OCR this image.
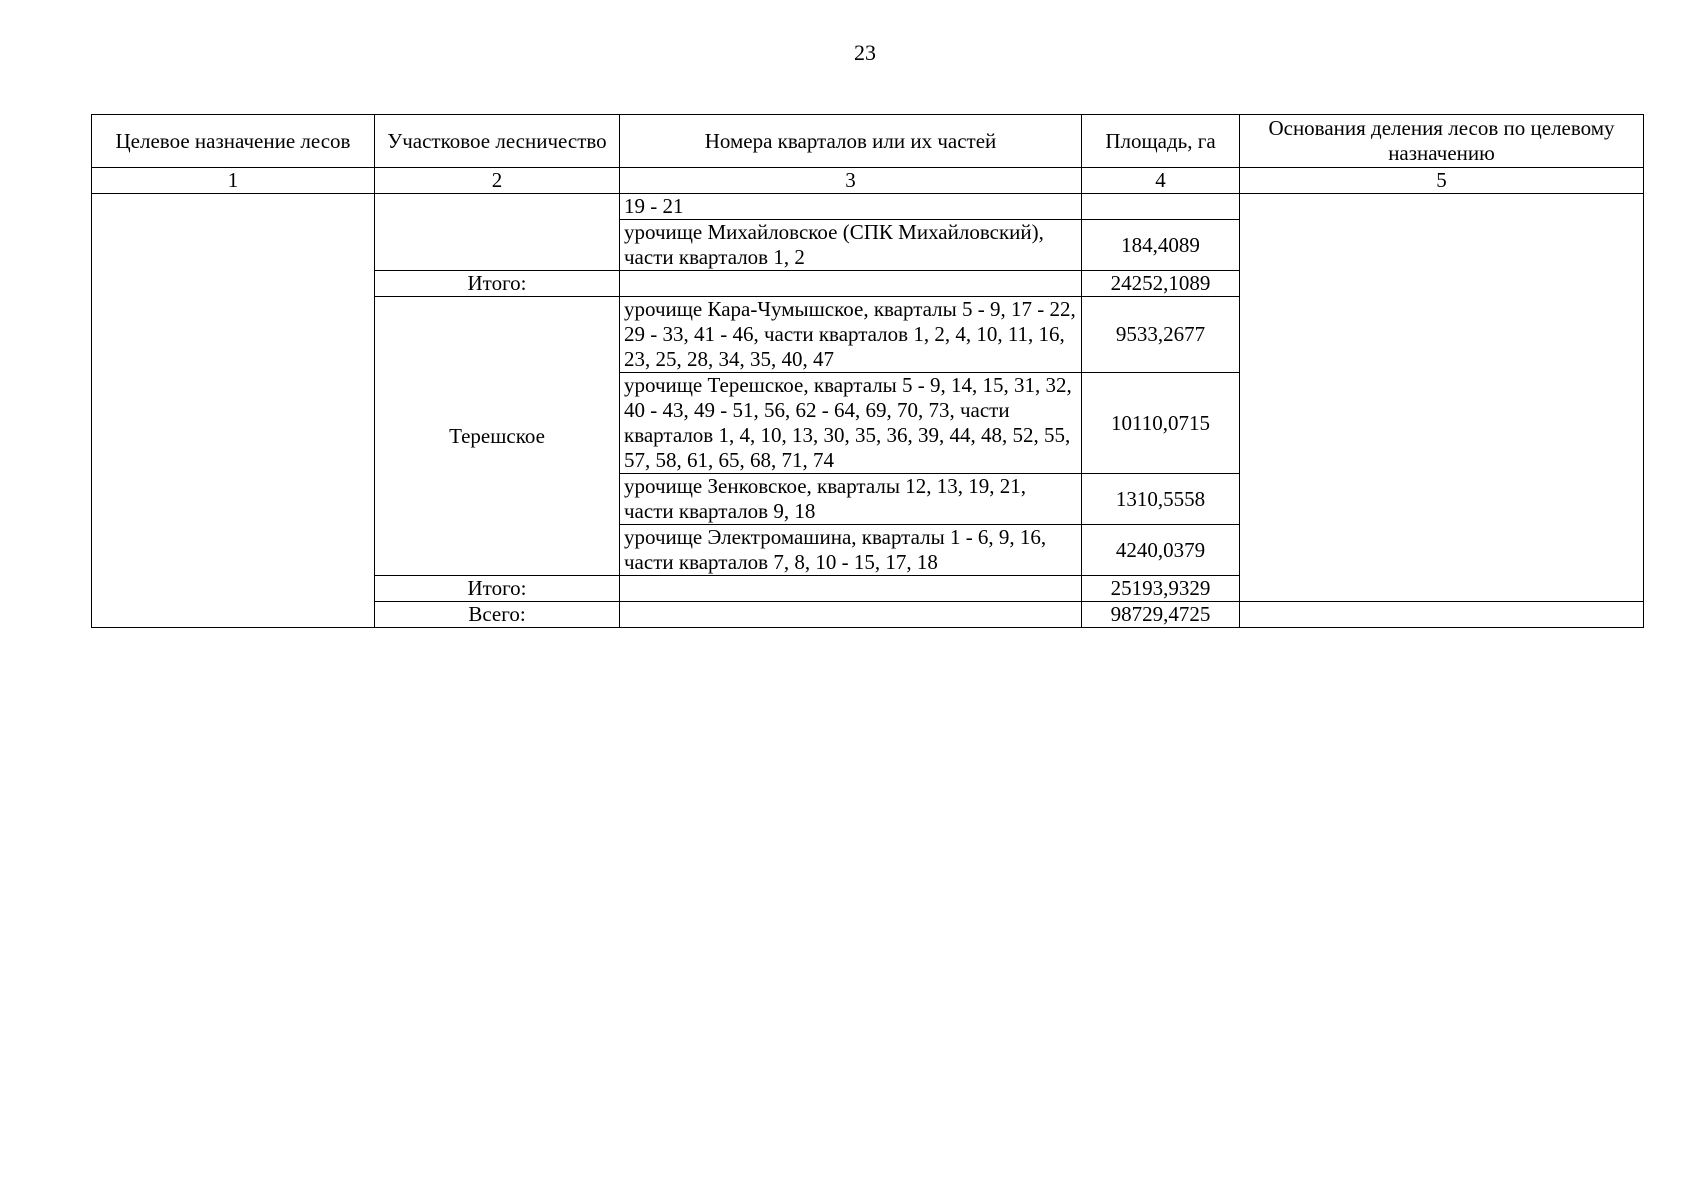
23
Целевое назначение лесов	Участковое лесничество	Номера кварталов или их частей	Площадь, га	Основания деления лесов по целевому назначению
1	2	3	4	5
		19 - 21		
		урочище Михайловское (СПК Михайловский), части кварталов 1, 2	184,4089	
	Итого:		24252,1089	
	Терешское	урочище Кара-Чумышское, кварталы 5 - 9, 17 - 22, 29 - 33, 41 - 46, части кварталов 1, 2, 4, 10, 11, 16, 23, 25, 28, 34, 35, 40, 47	9533,2677	
		урочище Терешское, кварталы 5 - 9, 14, 15, 31, 32, 40 - 43, 49 - 51, 56, 62 - 64, 69, 70, 73, части кварталов 1, 4, 10, 13, 30, 35, 36, 39, 44, 48, 52, 55, 57, 58, 61, 65, 68, 71, 74	10110,0715	
		урочище Зенковское, кварталы 12, 13, 19, 21, части кварталов 9, 18	1310,5558	
		урочище Электромашина, кварталы 1 - 6, 9, 16, части кварталов 7, 8, 10 - 15, 17, 18	4240,0379	
	Итого:		25193,9329	
	Всего:		98729,4725	
